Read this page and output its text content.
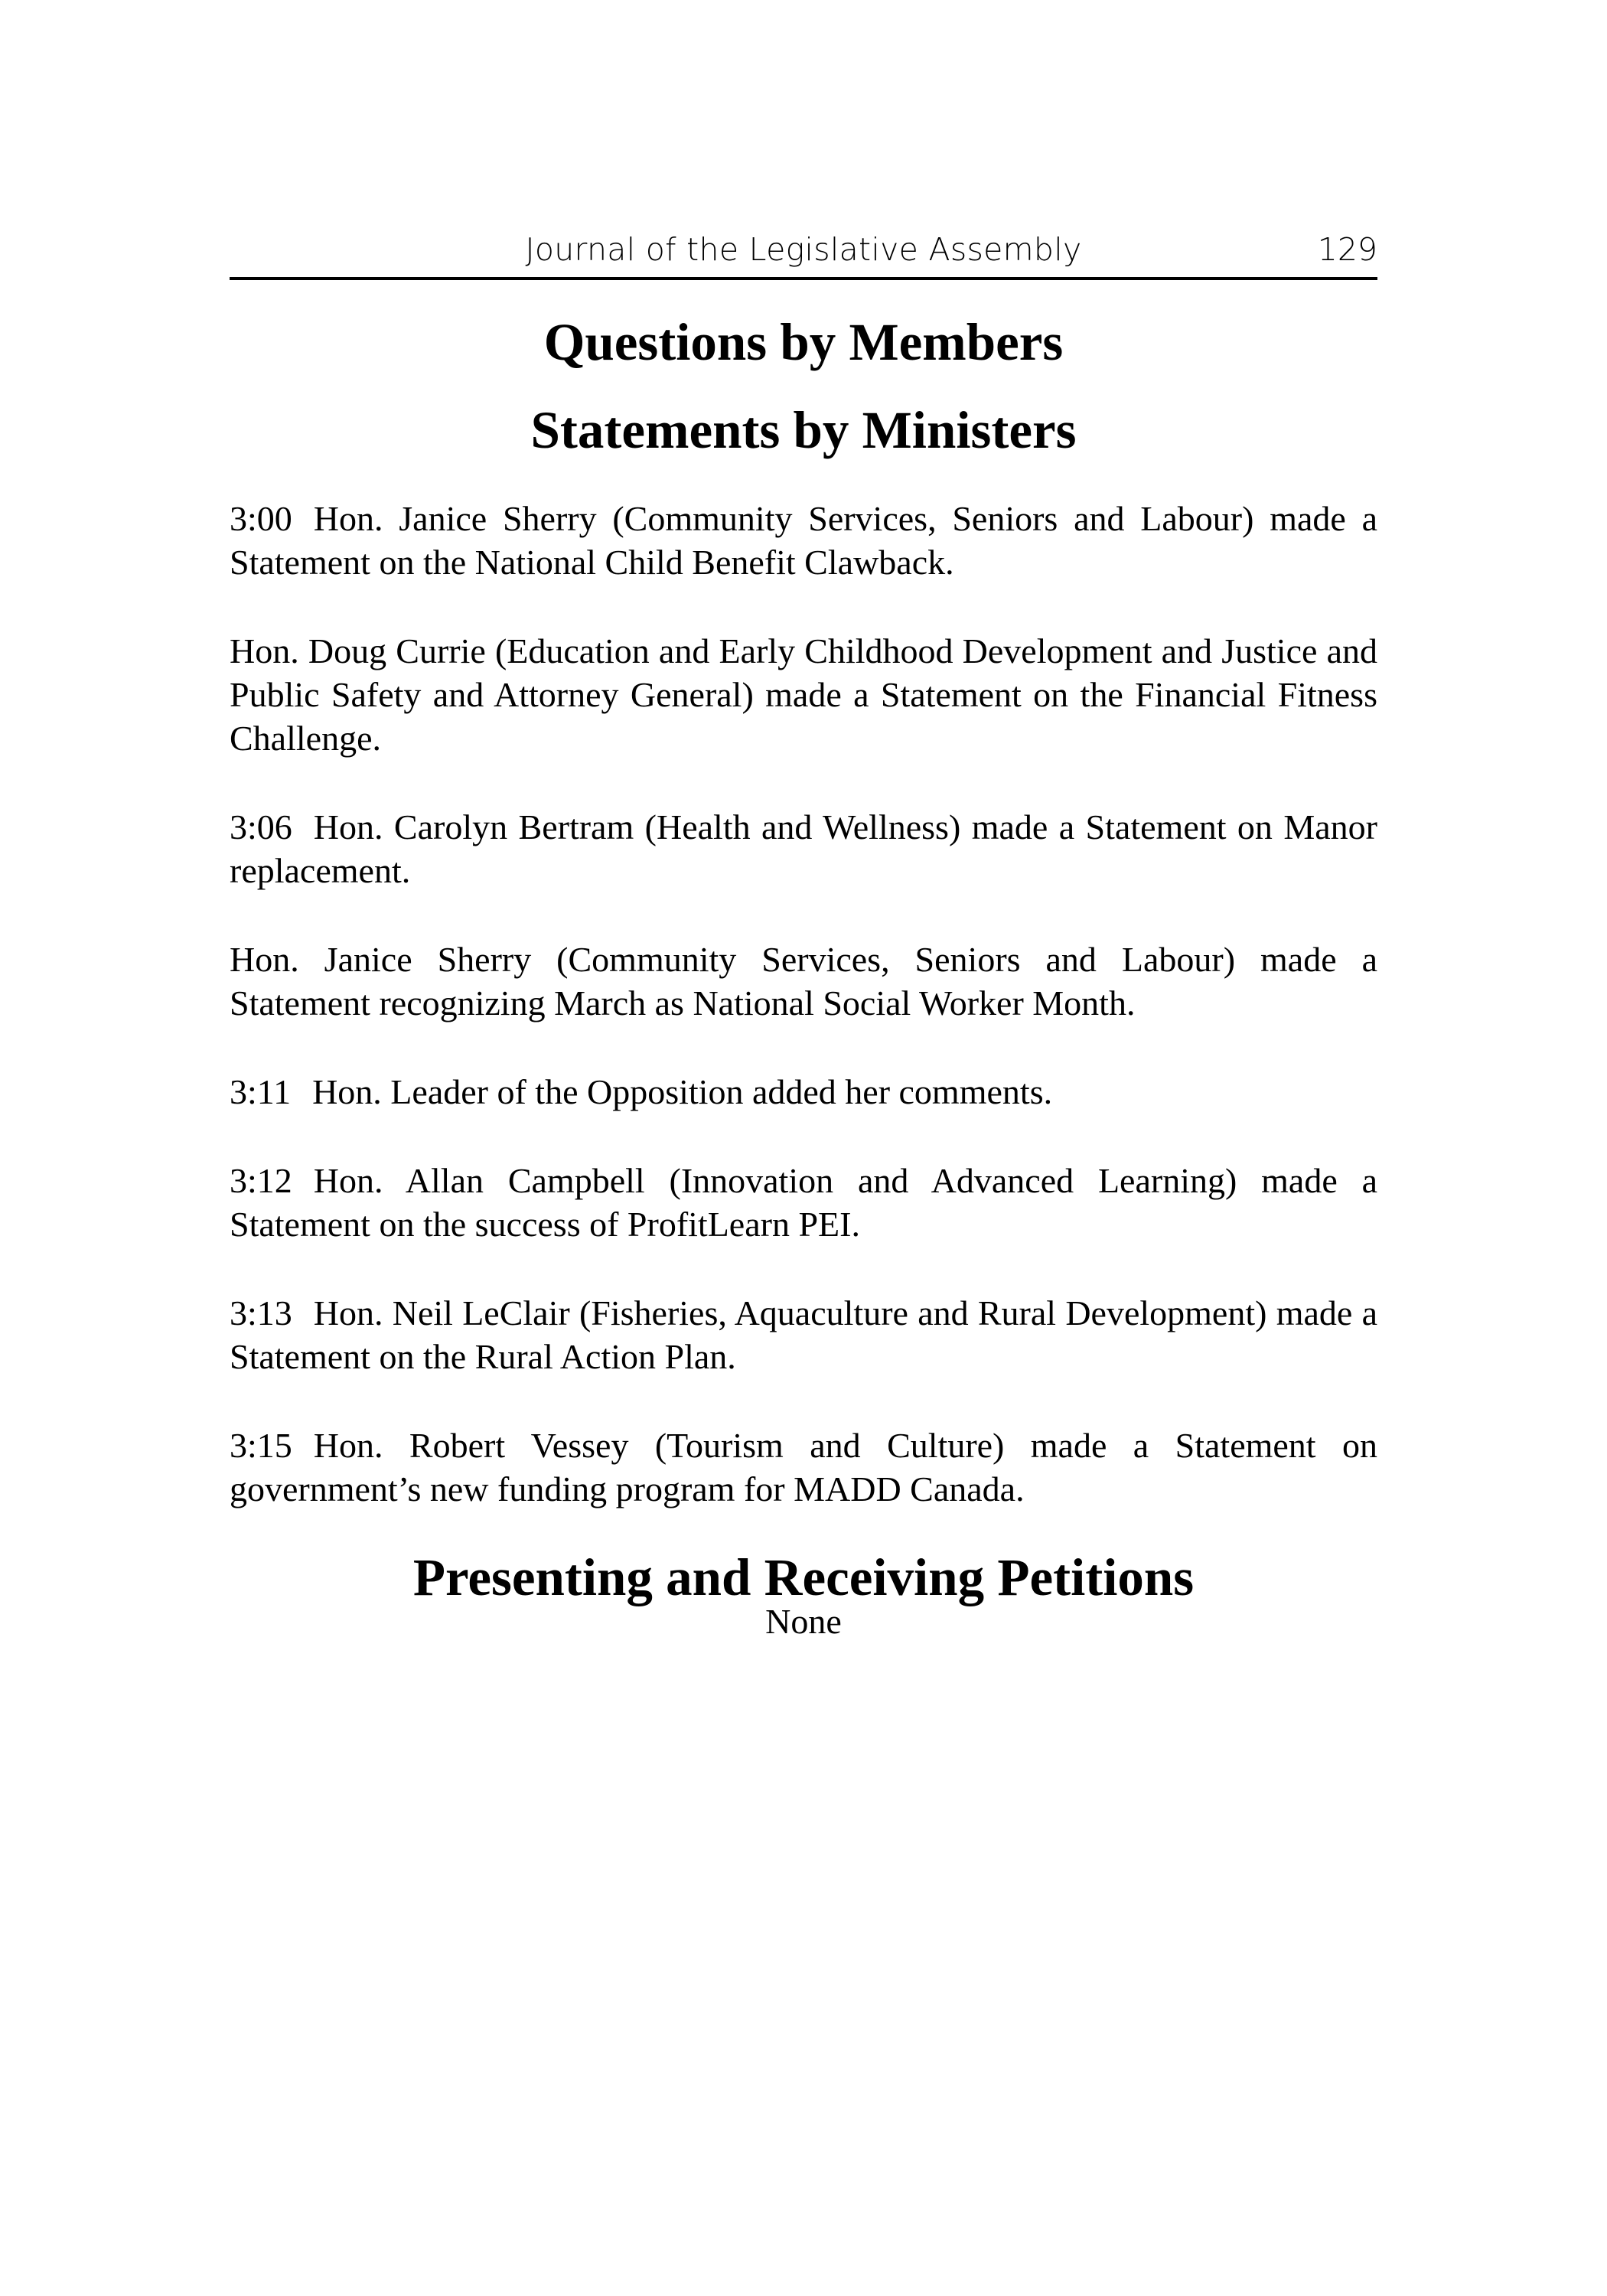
Journal of the Legislative Assembly	129
Questions by Members
Statements by Ministers

3:00 Hon. Janice Sherry (Community Services, Seniors and Labour) made a Statement on the National Child Benefit Clawback.

Hon. Doug Currie (Education and Early Childhood Development and Justice and Public Safety and Attorney General) made a Statement on the Financial Fitness Challenge.

3:06 Hon. Carolyn Bertram (Health and Wellness) made a Statement on Manor replacement.

Hon. Janice Sherry (Community Services, Seniors and Labour) made a Statement recognizing March as National Social Worker Month.

3:11 Hon. Leader of the Opposition added her comments.

3:12 Hon. Allan Campbell (Innovation and Advanced Learning) made a Statement on the success of ProfitLearn PEI.

3:13 Hon. Neil LeClair (Fisheries, Aquaculture and Rural Development) made a Statement on the Rural Action Plan.

3:15 Hon. Robert Vessey (Tourism and Culture) made a Statement on government’s new funding program for MADD Canada.

Presenting and Receiving Petitions

None
